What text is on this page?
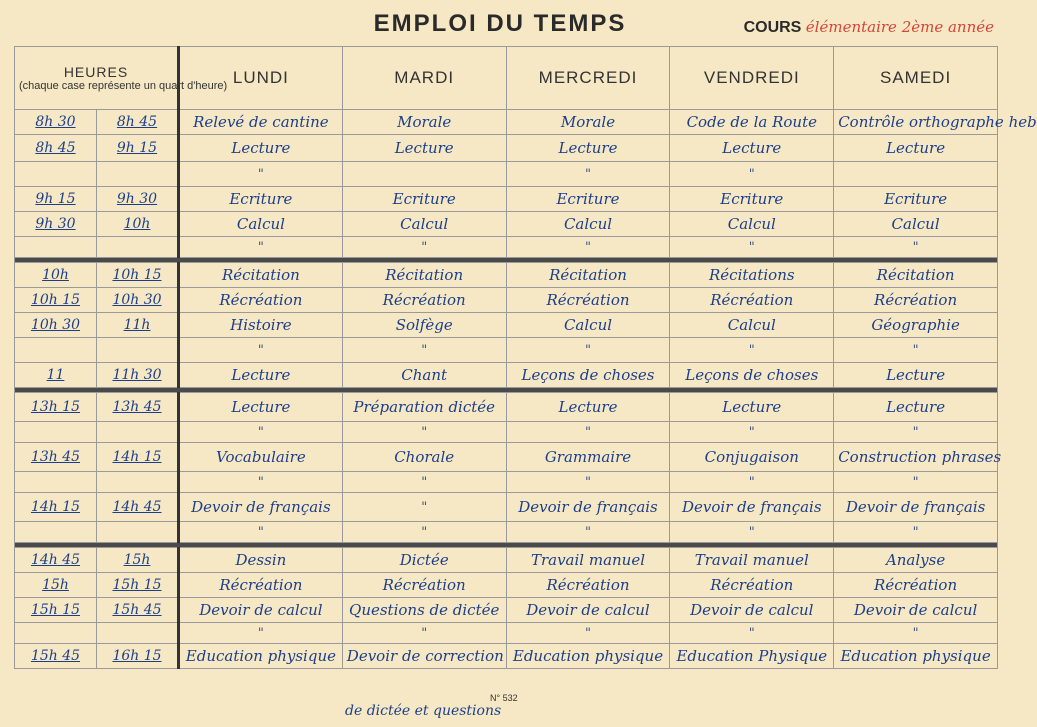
EMPLOI DU TEMPS	COURS élémentaire 2ème année
HEURES
(chaque case représente un quart d'heure)		LUNDI	MARDI	MERCREDI	VENDREDI	SAMEDI
8h 30	8h 45	Relevé de cantine	Morale	Morale	Code de la Route	Contrôle orthographe heb
8h 45	9h 15	Lecture	Lecture	Lecture	Lecture	Lecture
		"		"	"	
9h 15	9h 30	Ecriture	Ecriture	Ecriture	Ecriture	Ecriture
9h 30	10h	Calcul	Calcul	Calcul	Calcul	Calcul
		"	"	"	"	"

10h	10h 15	Récitation	Récitation	Récitation	Récitations	Récitation
10h 15	10h 30	Récréation	Récréation	Récréation	Récréation	Récréation
10h 30	11h	Histoire	Solfège	Calcul	Calcul	Géographie
		"	"	"	"	"
11	11h 30	Lecture	Chant	Leçons de choses	Leçons de choses	Lecture

13h 15	13h 45	Lecture	Préparation dictée	Lecture	Lecture	Lecture
		"	"	"	"	"
13h 45	14h 15	Vocabulaire	Chorale	Grammaire	Conjugaison	Construction phrases
		"	"	"	"	"
14h 15	14h 45	Devoir de français	"	Devoir de français	Devoir de français	Devoir de français
		"	"	"	"	"

14h 45	15h	Dessin	Dictée	Travail manuel	Travail manuel	Analyse
15h	15h 15	Récréation	Récréation	Récréation	Récréation	Récréation
15h 15	15h 45	Devoir de calcul	Questions de dictée	Devoir de calcul	Devoir de calcul	Devoir de calcul
		"	"	"	"	"
15h 45	16h 15	Education physique	Devoir de correction	Education physique	Education Physique	Education physique
N° 532
de dictée et questions
